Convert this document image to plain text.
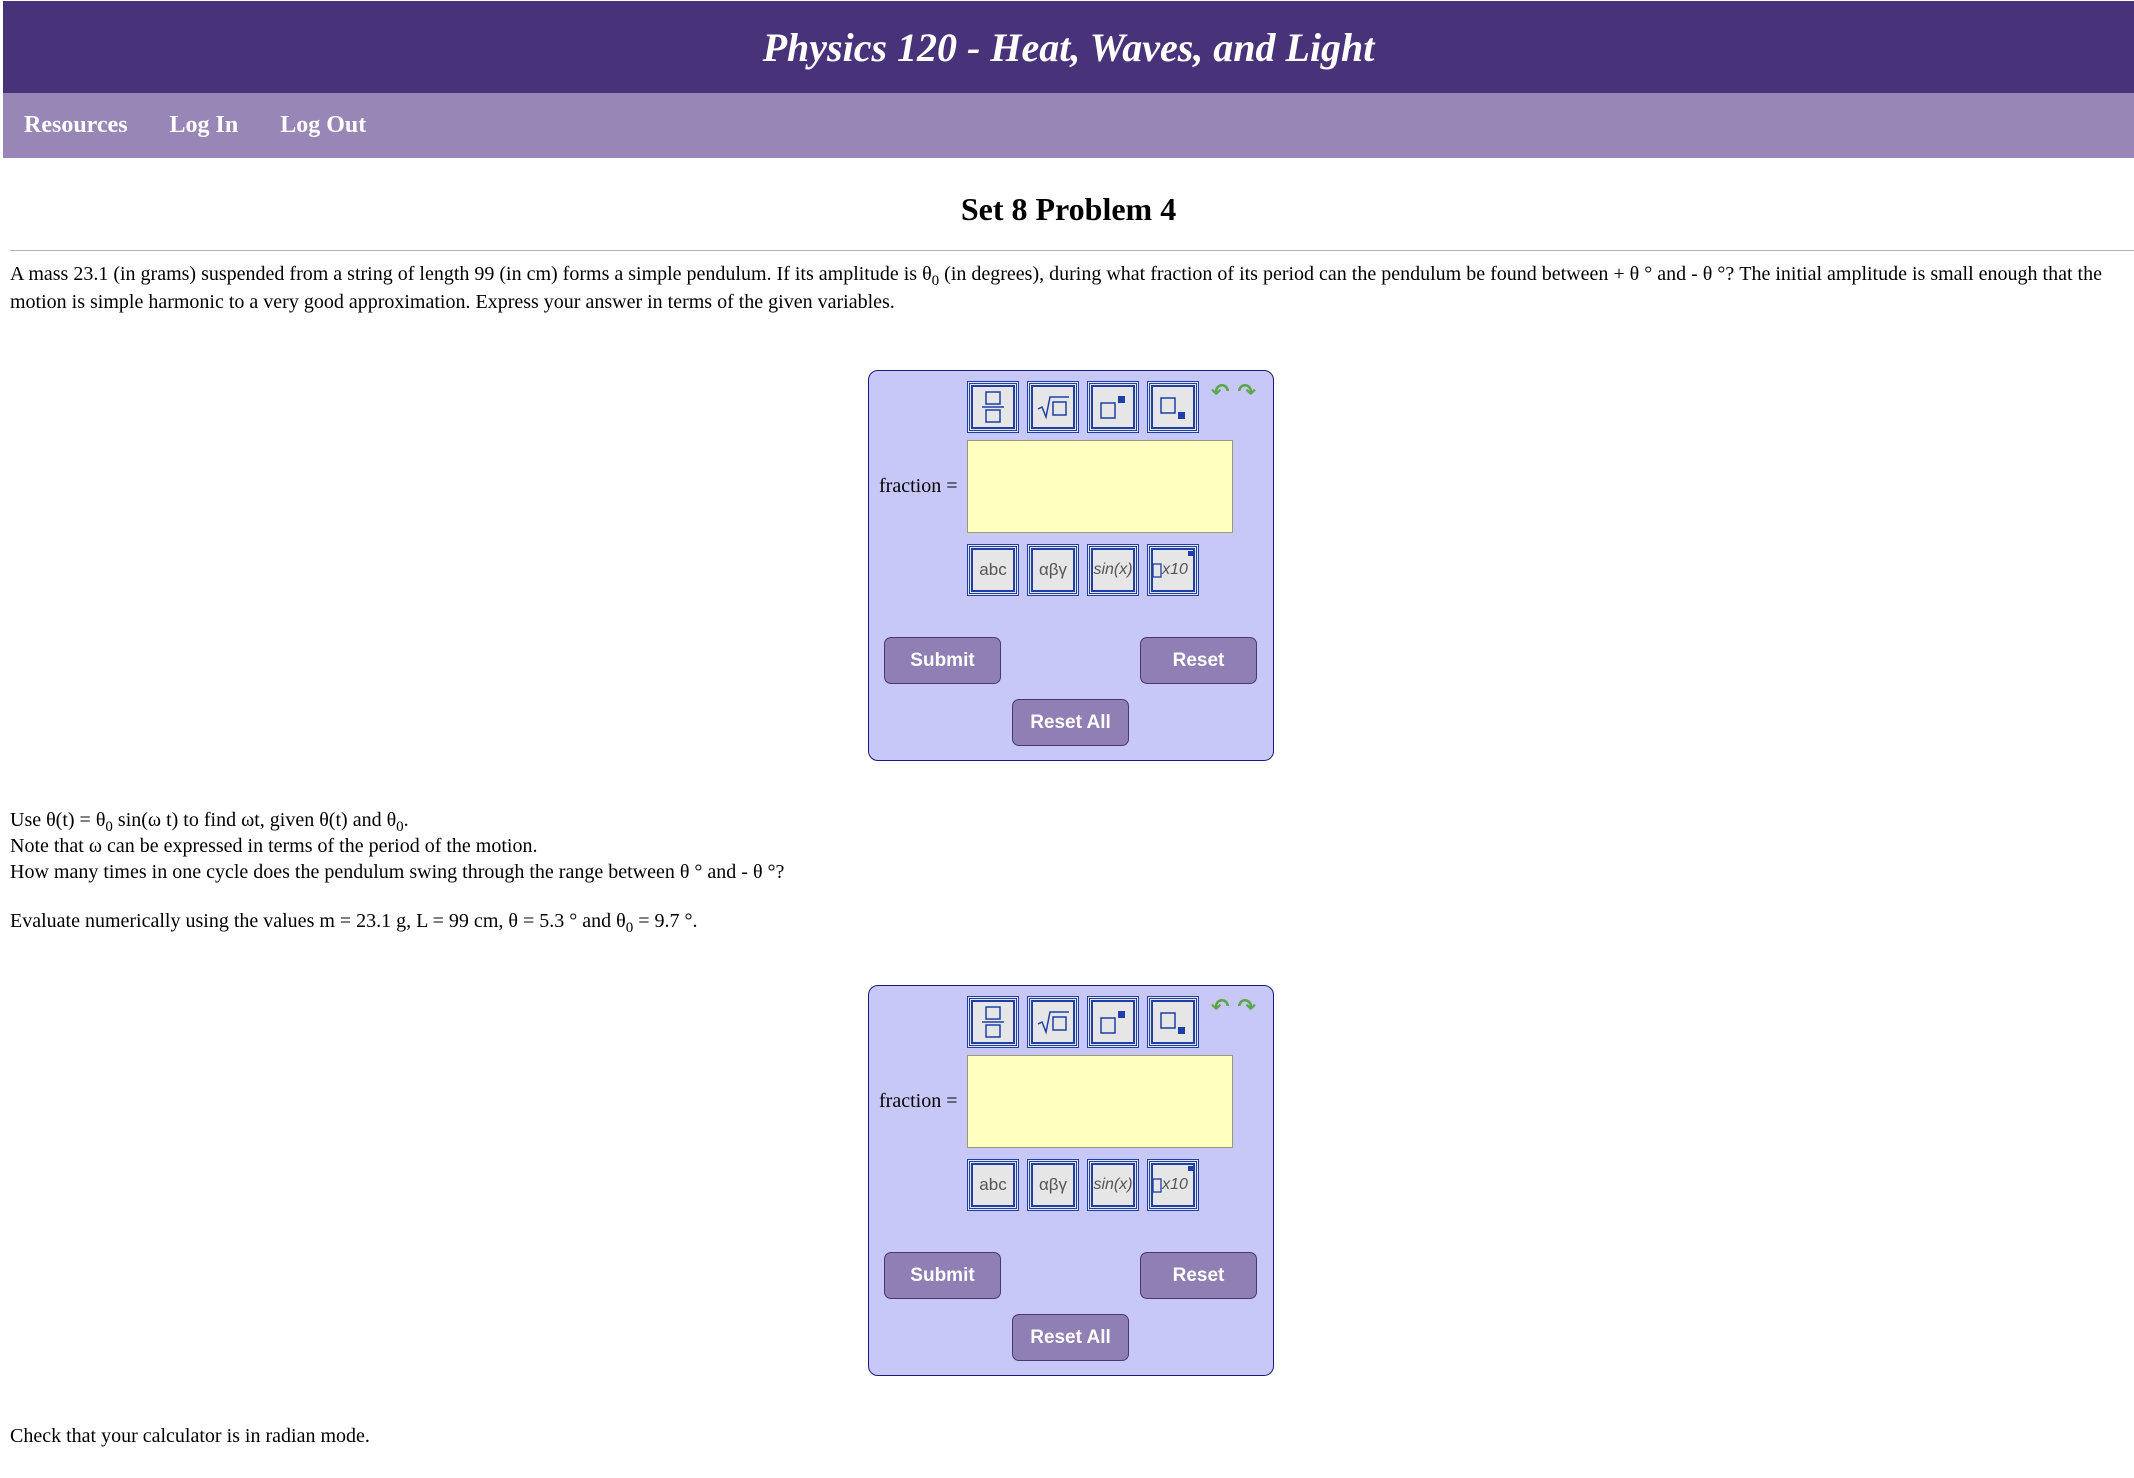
Physics 120 - Heat, Waves, and Light
Resources Log In Log Out
Set 8 Problem 4
A mass 23.1 (in grams) suspended from a string of length 99 (in cm) forms a simple pendulum. If its amplitude is $\theta_0$ (in degrees), during what fraction of its period can the pendulum be found between + θ ° and - θ °? The initial amplitude is small enough that the motion is simple harmonic to a very good approximation. Express your answer in terms of the given variables.
↶ ↷
fraction =
abc αβγ sin(x) x10
Submit	Reset
Reset All
Use $\theta(t) = \theta_0$ sin(ω t) to find ωt, given θ(t) and $\theta_0$.
Note that ω can be expressed in terms of the period of the motion.
How many times in one cycle does the pendulum swing through the range between θ ° and - θ °?
Evaluate numerically using the values m = 23.1 g, L = 99 cm, θ = 5.3 ° and $\theta_0 = 9.7$ °.
↶ ↷
fraction =
abc αβγ sin(x) x10
Submit	Reset
Reset All
Check that your calculator is in radian mode.
